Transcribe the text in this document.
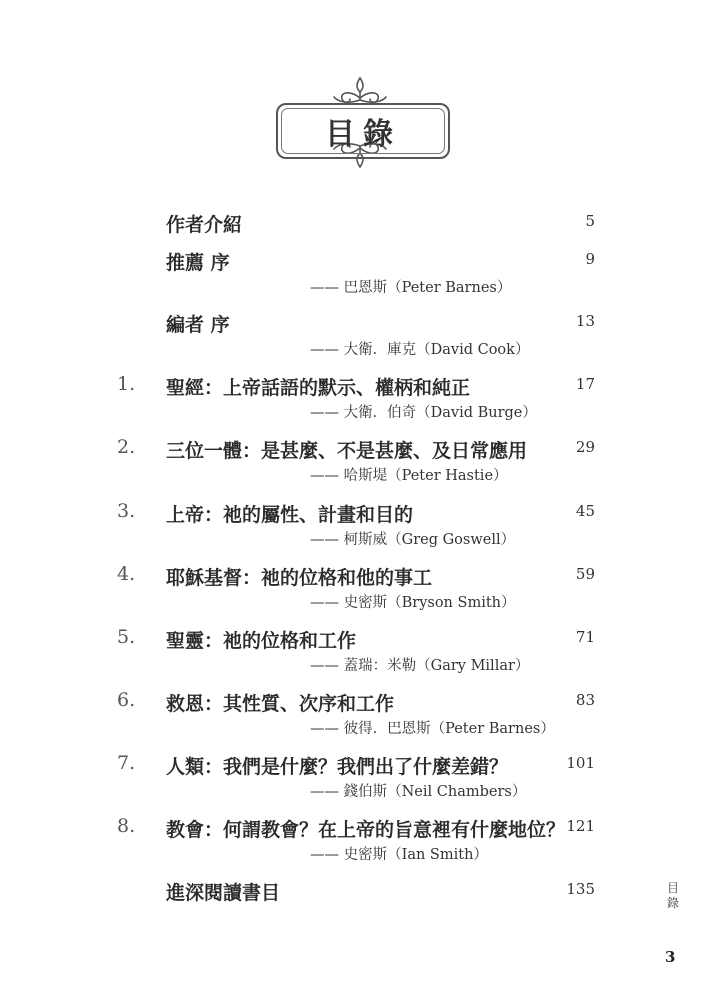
目錄
作者介紹	5
推薦 序	9
—— 巴恩斯（Peter Barnes）
編者 序	13
—— 大衛．庫克（David Cook）
1. 聖經：上帝話語的默示、權柄和純正	17
—— 大衛．伯奇（David Burge）
2. 三位一體：是甚麼、不是甚麼、及日常應用	29
—— 哈斯堤（Peter Hastie）
3. 上帝：祂的屬性、計畫和目的	45
—— 柯斯威（Greg Goswell）
4. 耶穌基督：祂的位格和他的事工	59
—— 史密斯（Bryson Smith）
5. 聖靈：祂的位格和工作	71
—— 蓋瑞：米勒（Gary Millar）
6. 救恩：其性質、次序和工作	83
—— 彼得．巴恩斯（Peter Barnes）
7. 人類：我們是什麼？我們出了什麼差錯？	101
—— 錢伯斯（Neil Chambers）
8. 教會：何謂教會？在上帝的旨意裡有什麼地位？ 121
—— 史密斯（Ian Smith）
進深閱讀書目	135	目錄
3
